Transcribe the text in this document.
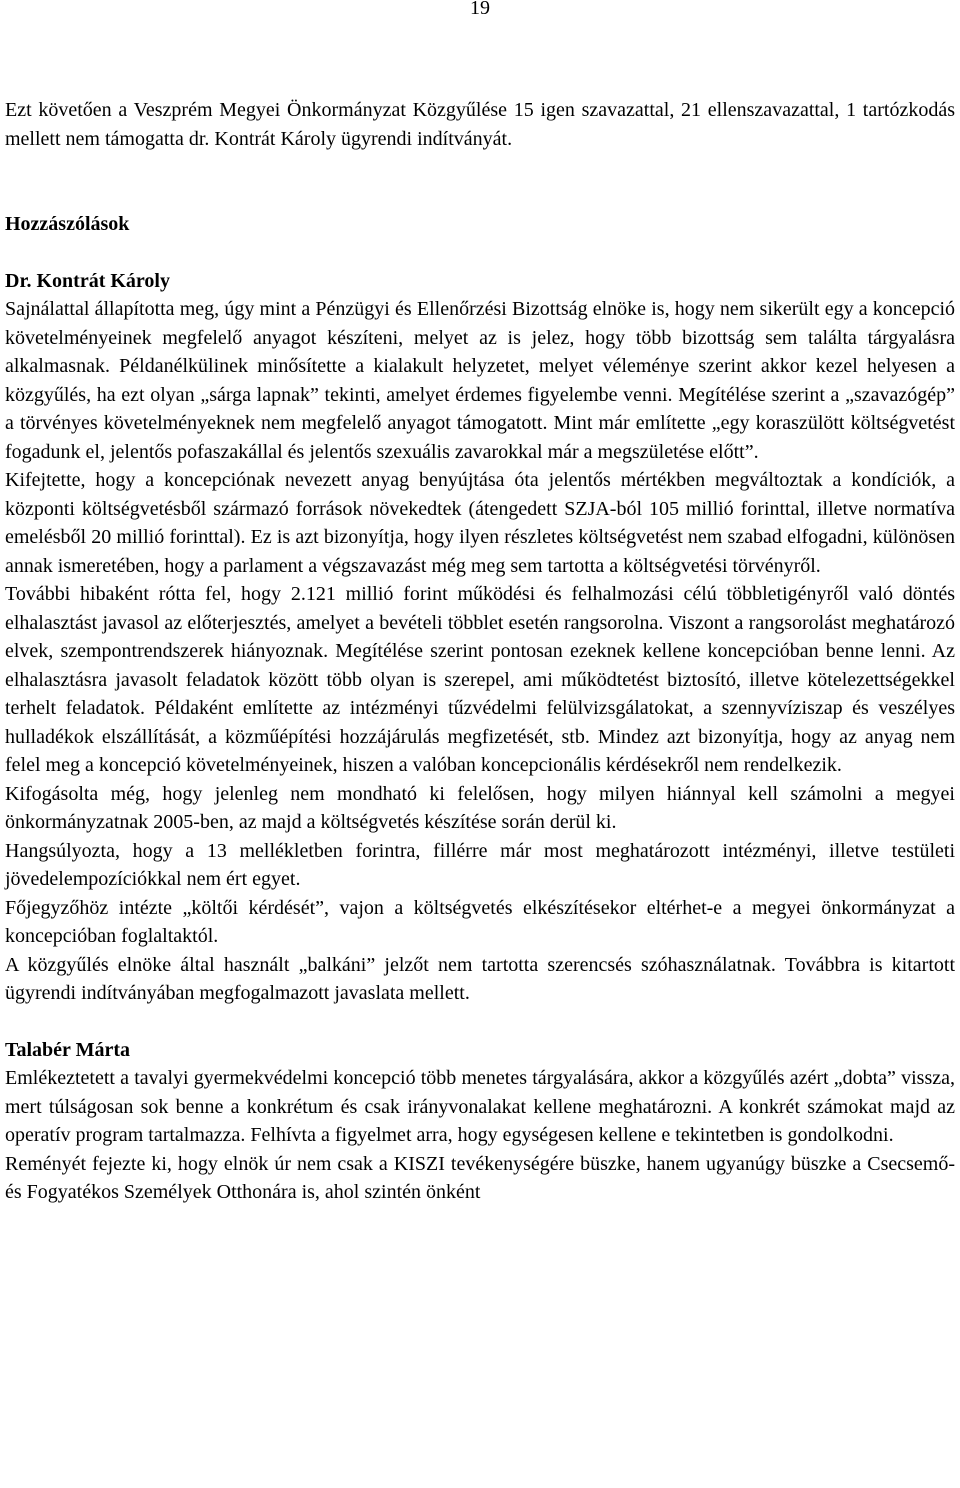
19

Ezt követően a Veszprém Megyei Önkormányzat Közgyűlése 15 igen szavazattal, 21 ellenszavazattal, 1 tartózkodás mellett nem támogatta dr. Kontrát Károly ügyrendi indítványát.

Hozzászólások

Dr. Kontrát Károly

Sajnálattal állapította meg, úgy mint a Pénzügyi és Ellenőrzési Bizottság elnöke is, hogy nem sikerült egy a koncepció követelményeinek megfelelő anyagot készíteni, melyet az is jelez, hogy több bizottság sem találta tárgyalásra alkalmasnak. Példanélkülinek minősítette a kialakult helyzetet, melyet véleménye szerint akkor kezel helyesen a közgyűlés, ha ezt olyan „sárga lapnak” tekinti, amelyet érdemes figyelembe venni. Megítélése szerint a „szavazógép” a törvényes követelményeknek nem megfelelő anyagot támogatott. Mint már említette „egy koraszülött költségvetést fogadunk el, jelentős pofaszakállal és jelentős szexuális zavarokkal már a megszületése előtt”.

Kifejtette, hogy a koncepciónak nevezett anyag benyújtása óta jelentős mértékben megváltoztak a kondíciók, a központi költségvetésből származó források növekedtek (átengedett SZJA-ból 105 millió forinttal, illetve normatíva emelésből 20 millió forinttal). Ez is azt bizonyítja, hogy ilyen részletes költségvetést nem szabad elfogadni, különösen annak ismeretében, hogy a parlament a végszavazást még meg sem tartotta a költségvetési törvényről.

További hibaként rótta fel, hogy 2.121 millió forint működési és felhalmozási célú többletigényről való döntés elhalasztást javasol az előterjesztés, amelyet a bevételi többlet esetén rangsorolna. Viszont a rangsorolást meghatározó elvek, szempontrendszerek hiányoznak. Megítélése szerint pontosan ezeknek kellene koncepcióban benne lenni. Az elhalasztásra javasolt feladatok között több olyan is szerepel, ami működtetést biztosító, illetve kötelezettségekkel terhelt feladatok. Példaként említette az intézményi tűzvédelmi felülvizsgálatokat, a szennyvíziszap és veszélyes hulladékok elszállítását, a közműépítési hozzájárulás megfizetését, stb. Mindez azt bizonyítja, hogy az anyag nem felel meg a koncepció követelményeinek, hiszen a valóban koncepcionális kérdésekről nem rendelkezik.

Kifogásolta még, hogy jelenleg nem mondható ki felelősen, hogy milyen hiánnyal kell számolni a megyei önkormányzatnak 2005-ben, az majd a költségvetés készítése során derül ki.

Hangsúlyozta, hogy a 13 mellékletben forintra, fillérre már most meghatározott intézményi, illetve testületi jövedelempozíciókkal nem ért egyet.

Főjegyzőhöz intézte „költői kérdését”, vajon a költségvetés elkészítésekor eltérhet-e a megyei önkormányzat a koncepcióban foglaltaktól.

A közgyűlés elnöke által használt „balkáni” jelzőt nem tartotta szerencsés szóhasználatnak. Továbbra is kitartott ügyrendi indítványában megfogalmazott javaslata mellett.

Talabér Márta

Emlékeztetett a tavalyi gyermekvédelmi koncepció több menetes tárgyalására, akkor a közgyűlés azért „dobta” vissza, mert túlságosan sok benne a konkrétum és csak irányvonalakat kellene meghatározni. A konkrét számokat majd az operatív program tartalmazza. Felhívta a figyelmet arra, hogy egységesen kellene e tekintetben is gondolkodni.

Reményét fejezte ki, hogy elnök úr nem csak a KISZI tevékenységére büszke, hanem ugyanúgy büszke a Csecsemő- és Fogyatékos Személyek Otthonára is, ahol szintén önként
